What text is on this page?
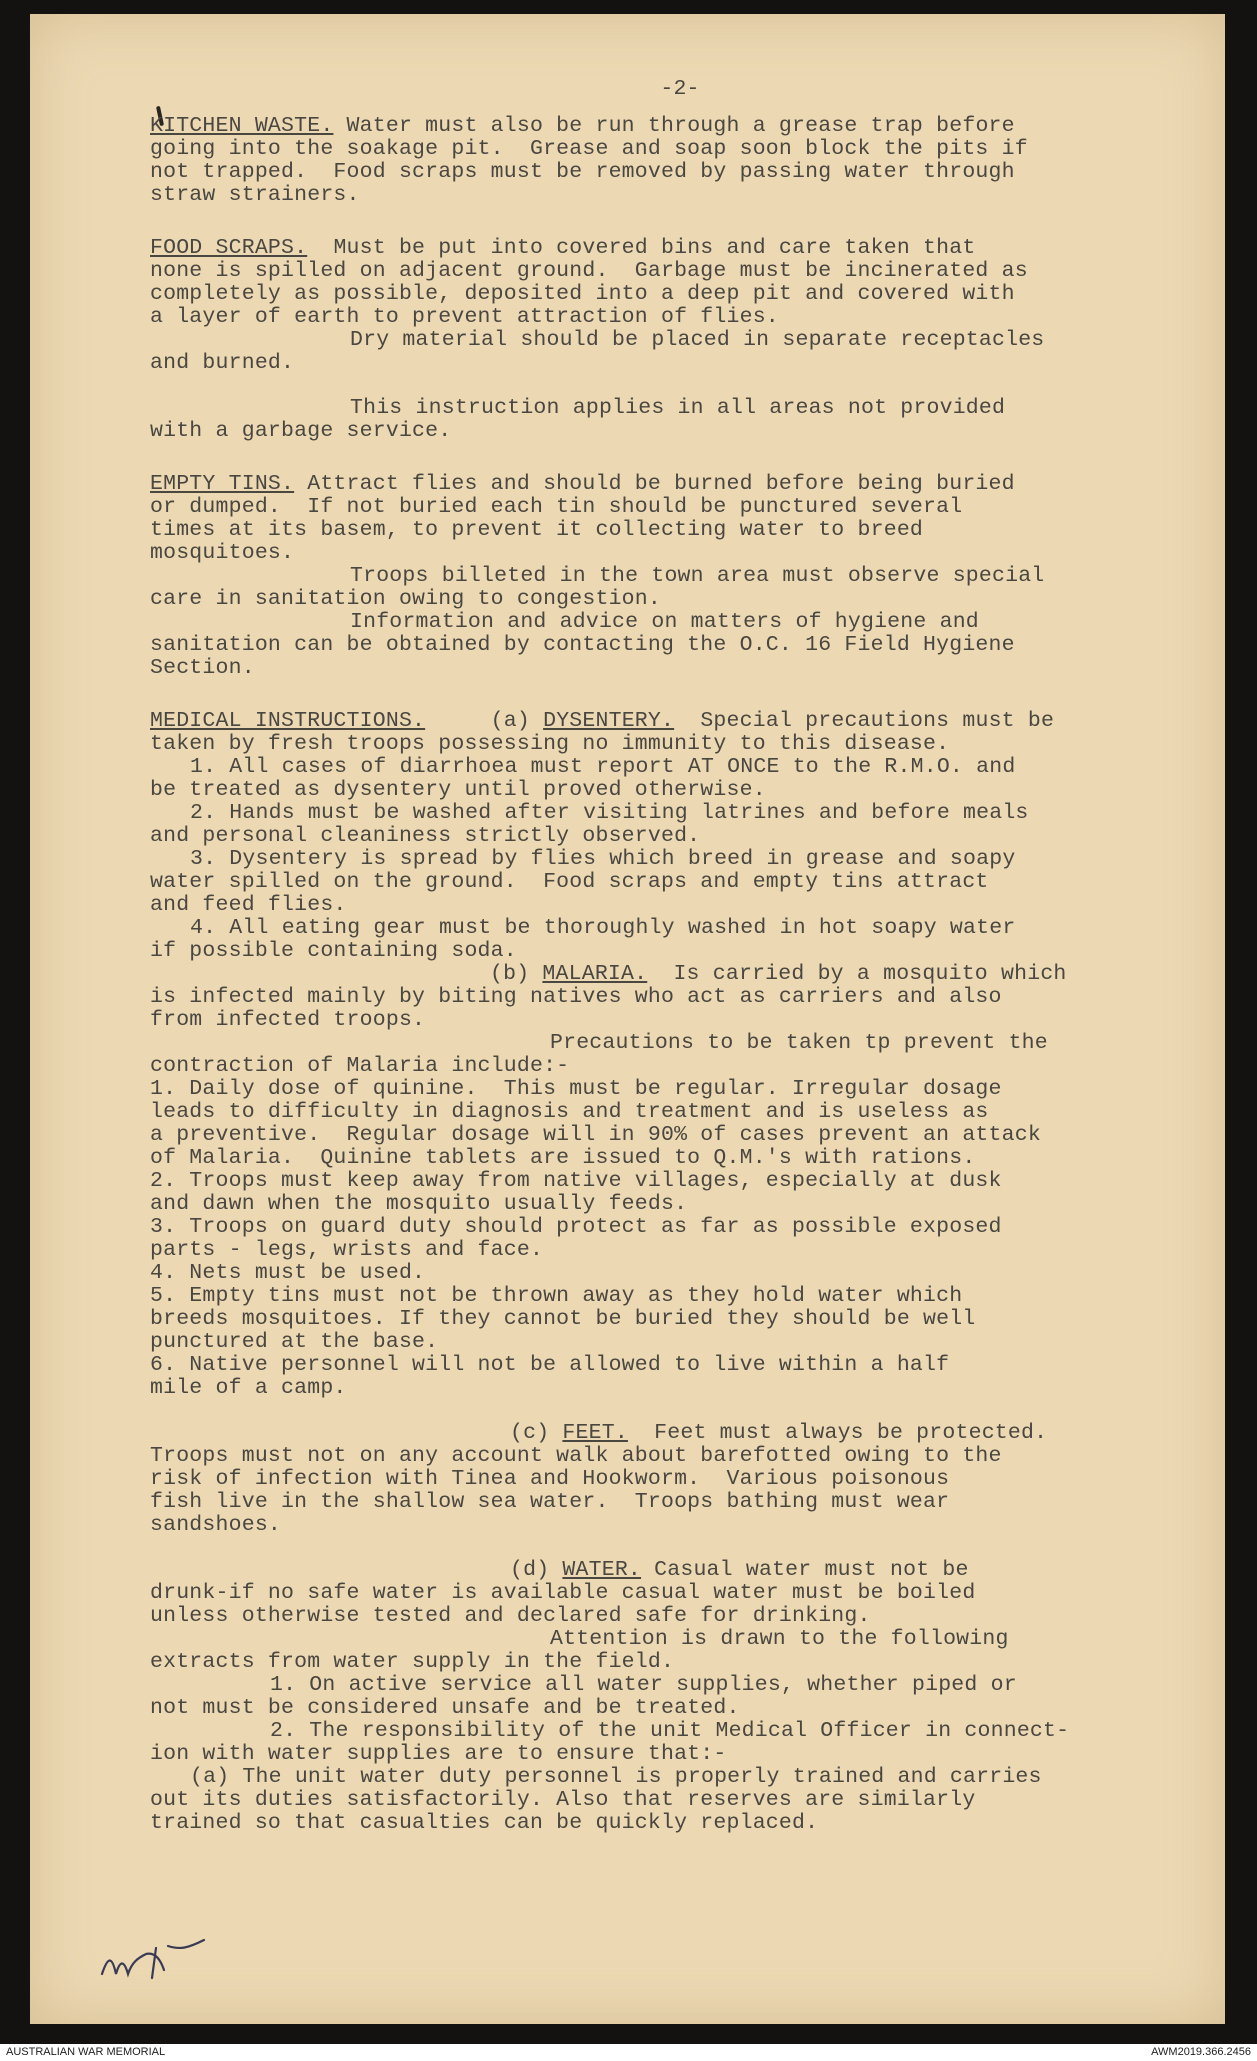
-2-

KITCHEN WASTE. Water must also be run through a grease trap before

going into the soakage pit.  Grease and soap soon block the pits if

not trapped.  Food scraps must be removed by passing water through

straw strainers.

FOOD SCRAPS.  Must be put into covered bins and care taken that

none is spilled on adjacent ground.  Garbage must be incinerated as

completely as possible, deposited into a deep pit and covered with

a layer of earth to prevent attraction of flies.

Dry material should be placed in separate receptacles

and burned.

This instruction applies in all areas not provided

with a garbage service.

EMPTY TINS. Attract flies and should be burned before being buried

or dumped.  If not buried each tin should be punctured several

times at its basem, to prevent it collecting water to breed

mosquitoes.

Troops billeted in the town area must observe special

care in sanitation owing to congestion.

Information and advice on matters of hygiene and

sanitation can be obtained by contacting the O.C. 16 Field Hygiene

Section.

MEDICAL INSTRUCTIONS.	(a) DYSENTERY.  Special precautions must be

taken by fresh troops possessing no immunity to this disease.

1. All cases of diarrhoea must report AT ONCE to the R.M.O. and

be treated as dysentery until proved otherwise.

2. Hands must be washed after visiting latrines and before meals

and personal cleaniness strictly observed.

3. Dysentery is spread by flies which breed in grease and soapy

water spilled on the ground.  Food scraps and empty tins attract

and feed flies.

4. All eating gear must be thoroughly washed in hot soapy water

if possible containing soda.

(b) MALARIA.  Is carried by a mosquito which

is infected mainly by biting natives who act as carriers and also

from infected troops.

Precautions to be taken tp prevent the

contraction of Malaria include:-

1. Daily dose of quinine.  This must be regular. Irregular dosage

leads to difficulty in diagnosis and treatment and is useless as

a preventive.  Regular dosage will in 90% of cases prevent an attack

of Malaria.  Quinine tablets are issued to Q.M.'s with rations.

2. Troops must keep away from native villages, especially at dusk

and dawn when the mosquito usually feeds.

3. Troops on guard duty should protect as far as possible exposed

parts - legs, wrists and face.

4. Nets must be used.

5. Empty tins must not be thrown away as they hold water which

breeds mosquitoes. If they cannot be buried they should be well

punctured at the base.

6. Native personnel will not be allowed to live within a half

mile of a camp.

(c) FEET.  Feet must always be protected.

Troops must not on any account walk about barefotted owing to the

risk of infection with Tinea and Hookworm.  Various poisonous

fish live in the shallow sea water.  Troops bathing must wear

sandshoes.

(d) WATER. Casual water must not be

drunk-if no safe water is available casual water must be boiled

unless otherwise tested and declared safe for drinking.

Attention is drawn to the following

extracts from water supply in the field.

1. On active service all water supplies, whether piped or

not must be considered unsafe and be treated.

2. The responsibility of the unit Medical Officer in connect-

ion with water supplies are to ensure that:-

(a) The unit water duty personnel is properly trained and carries

out its duties satisfactorily. Also that reserves are similarly

trained so that casualties can be quickly replaced.

AUSTRALIAN WAR MEMORIAL	AWM2019.366.2456
